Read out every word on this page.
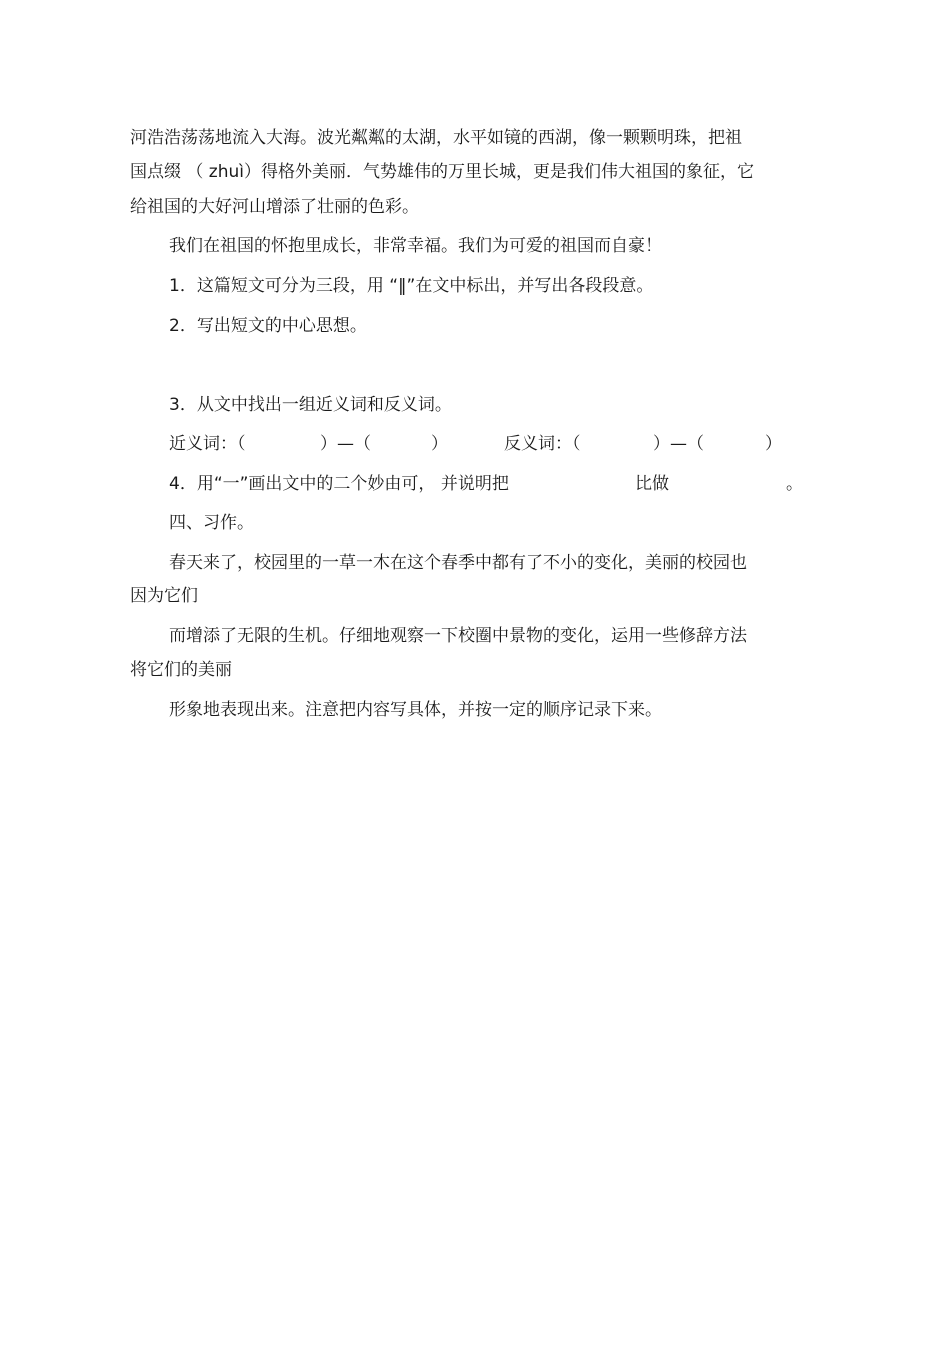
河浩浩荡荡地流入大海。波光粼粼的太湖，水平如镜的西湖，像一颗颗明珠，把祖
国点缀 （ zhuì）得格外美丽．气势雄伟的万里长城，更是我们伟大祖国的象征，它
给祖国的大好河山增添了壮丽的色彩。
我们在祖国的怀抱里成长，非常幸福。我们为可爱的祖国而自豪！
1．这篇短文可分为三段，用 “‖”在文中标出，并写出各段段意。
2．写出短文的中心思想。
3．从文中找出一组近义词和反义词。
近义词：（	）—（	）	反义词：（	）—（	）
4．用“一”画出文中的二个妙由可， 并说明把	比做	。
四、习作。
春天来了，校园里的一草一木在这个春季中都有了不小的变化，美丽的校园也
因为它们
而增添了无限的生机。仔细地观察一下校圈中景物的变化，运用一些修辞方法
将它们的美丽
形象地表现出来。注意把内容写具体，并按一定的顺序记录下来。
